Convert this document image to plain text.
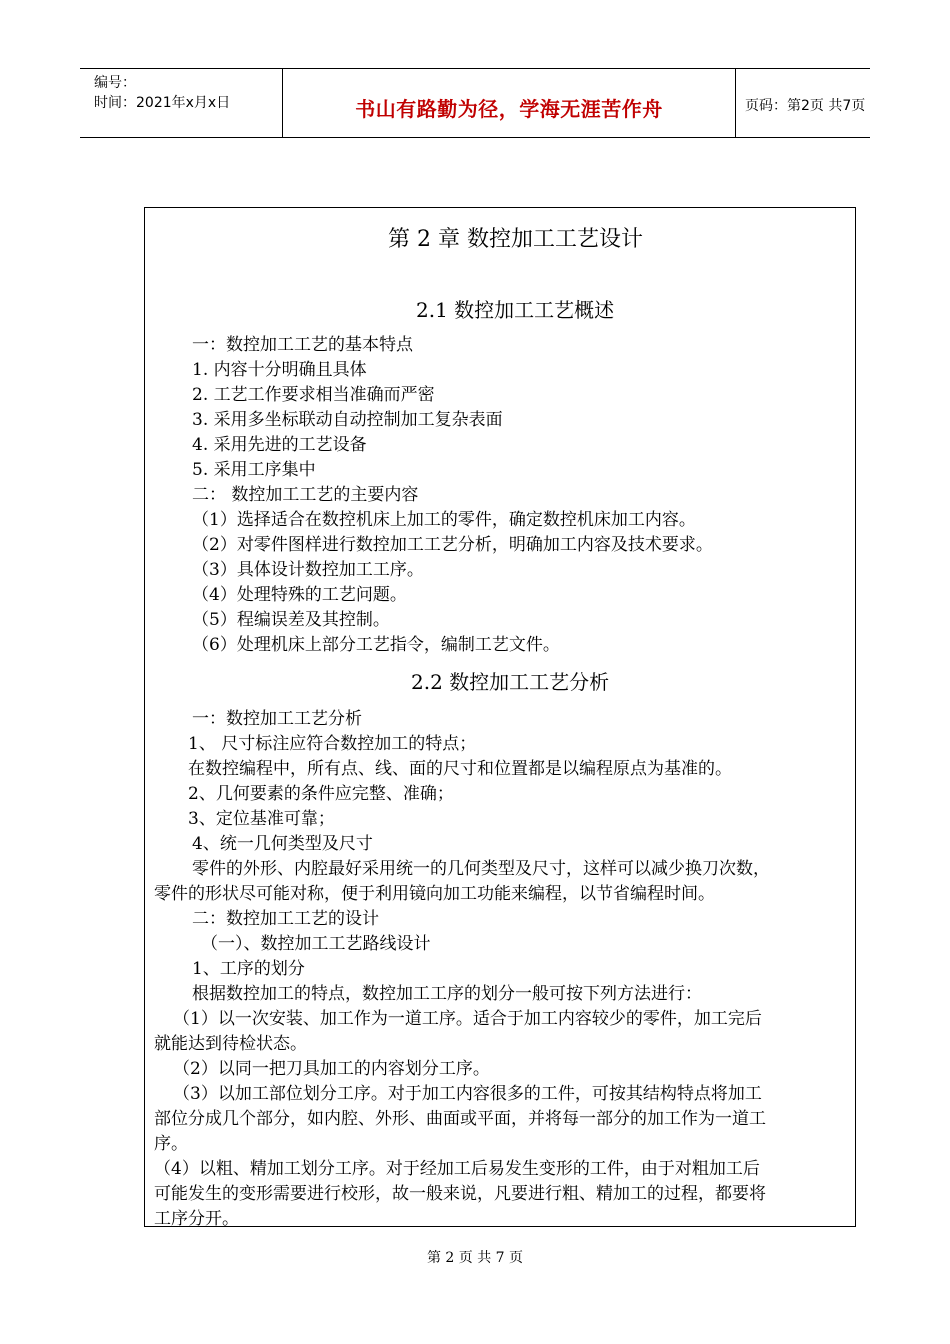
编号：
时间：2021年x月x日	书山有路勤为径，学海无涯苦作舟	页码：第2页 共7页
第 2 章 数控加工工艺设计
2.1 数控加工工艺概述
一：数控加工工艺的基本特点
1. 内容十分明确且具体
2. 工艺工作要求相当准确而严密
3. 采用多坐标联动自动控制加工复杂表面
4. 采用先进的工艺设备
5. 采用工序集中
二： 数控加工工艺的主要内容
（1）选择适合在数控机床上加工的零件，确定数控机床加工内容。
（2）对零件图样进行数控加工工艺分析，明确加工内容及技术要求。
（3）具体设计数控加工工序。
（4）处理特殊的工艺问题。
（5）程编误差及其控制。
（6）处理机床上部分工艺指令，编制工艺文件。
2.2 数控加工工艺分析
一：数控加工工艺分析
1、 尺寸标注应符合数控加工的特点；
在数控编程中，所有点、线、面的尺寸和位置都是以编程原点为基准的。
2、几何要素的条件应完整、准确；
3、定位基准可靠；
4、统一几何类型及尺寸
零件的外形、内腔最好采用统一的几何类型及尺寸，这样可以减少换刀次数，
零件的形状尽可能对称，便于利用镜向加工功能来编程，以节省编程时间。
二：数控加工工艺的设计
（一）、数控加工工艺路线设计
1、工序的划分
根据数控加工的特点，数控加工工序的划分一般可按下列方法进行：
（1）以一次安装、加工作为一道工序。适合于加工内容较少的零件，加工完后
就能达到待检状态。
（2）以同一把刀具加工的内容划分工序。
（3）以加工部位划分工序。对于加工内容很多的工件，可按其结构特点将加工
部位分成几个部分，如内腔、外形、曲面或平面，并将每一部分的加工作为一道工
序。
（4）以粗、精加工划分工序。对于经加工后易发生变形的工件，由于对粗加工后
可能发生的变形需要进行校形，故一般来说，凡要进行粗、精加工的过程，都要将
工序分开。
第 2 页 共 7 页
